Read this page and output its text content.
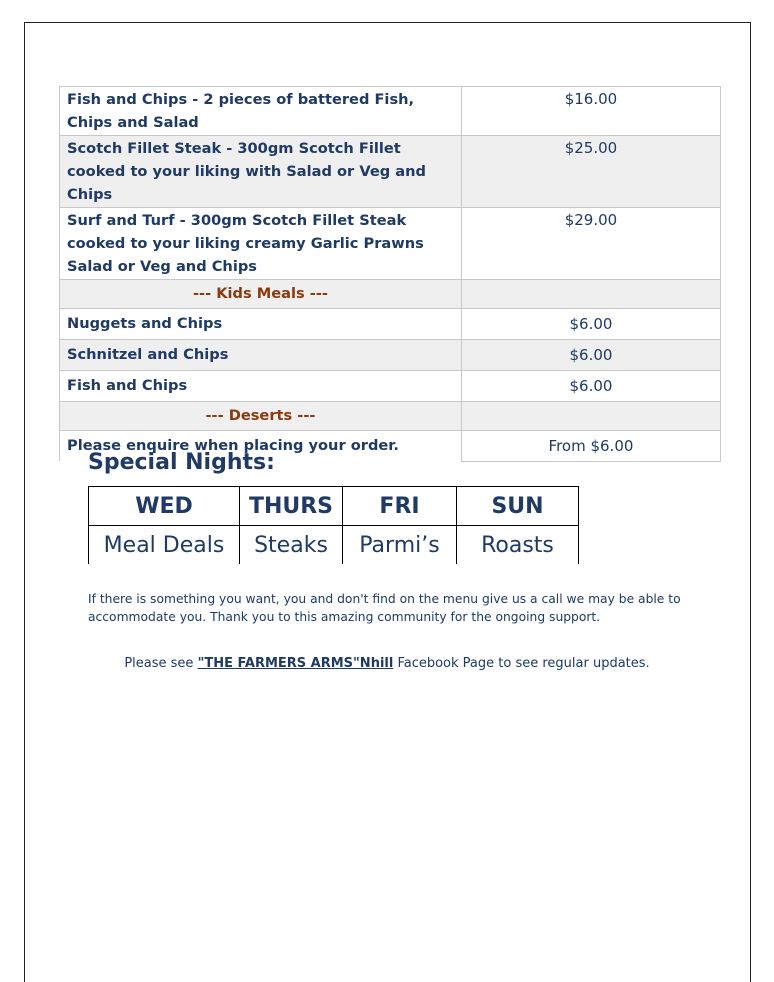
Fish and Chips - 2 pieces of battered Fish, Chips and Salad	$16.00
Scotch Fillet Steak - 300gm Scotch Fillet cooked to your liking with Salad or Veg and Chips	$25.00
Surf and Turf - 300gm Scotch Fillet Steak cooked to your liking creamy Garlic Prawns Salad or Veg and Chips	$29.00
--- Kids Meals ---	
Nuggets and Chips	$6.00
Schnitzel and Chips	$6.00
Fish and Chips	$6.00
--- Deserts ---	
Please enquire when placing your order.	From $6.00
Special Nights:
WED	THURS	FRI	SUN
Meal Deals	Steaks	Parmi’s	Roasts

If there is something you want, you and don't find on the menu give us a call we may be able to accommodate you. Thank you to this amazing community for the ongoing support.

Please see "THE FARMERS ARMS"Nhill Facebook Page to see regular updates.
